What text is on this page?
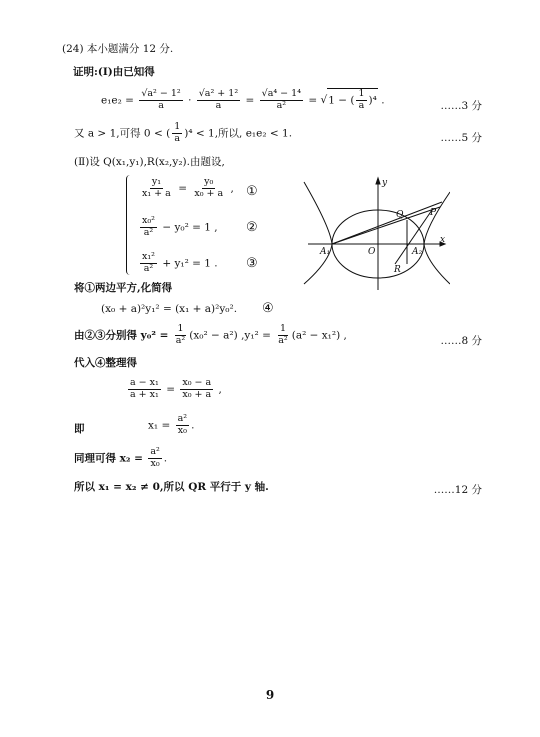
(24) 本小题满分 12 分.
证明:(Ⅰ)由已知得
$e_1e_2 = \frac{\text{√a² − 1²}}{a} \cdot \frac{\text{√a² + 1²}}{a} = \frac{\text{√a⁴ − 1⁴}}{\text{a²}} = √1$ − ( $\frac{1}{a} )^4$ .	……3 分
又 a > 1,可得 0 < ( $\frac{1}{a} )^4 < 1$,所以, e₁e₂ < 1.	……5 分
(Ⅱ)设 Q(x₁,y₁),R(x₂,y₂).由题设,
$\frac{\text{y₁}}{\text{x₁ + a}} = \frac{\text{y₀}}{\text{x₀ + a}}$ , ①
$\frac{\text{x₀²}}{\text{a²}} - y_0^2 = 1$ , ②
$\frac{\text{x₁²}}{\text{a²}} + y_1^2 = 1$ . ③
y
x
O
A₁	A₂
Q	P
R
将①两边平方,化简得
(x₀ + a)²y₁² = (x₁ + a)²y₀². ④
由②③分别得 $y_0^2 = \frac{1}{\text{a²}} (x_0^2 - a^2) ,y_1^2 = \frac{1}{\text{a²}} (a^2 - x_1^2)$ ,	……8 分
代入④整理得
$\frac{\text{a − x₁}}{\text{a + x₁}} = \frac{\text{x₀ − a}}{\text{x₀ + a}}$ ,
即	$x_1 = \frac{\text{a²}}{\text{x₀}}$ .
同理可得 $x_2 = \frac{\text{a²}}{\text{x₀}}$ .
所以 x₁ = x₂ ≠ 0,所以 QR 平行于 y 轴.	……12 分
9
